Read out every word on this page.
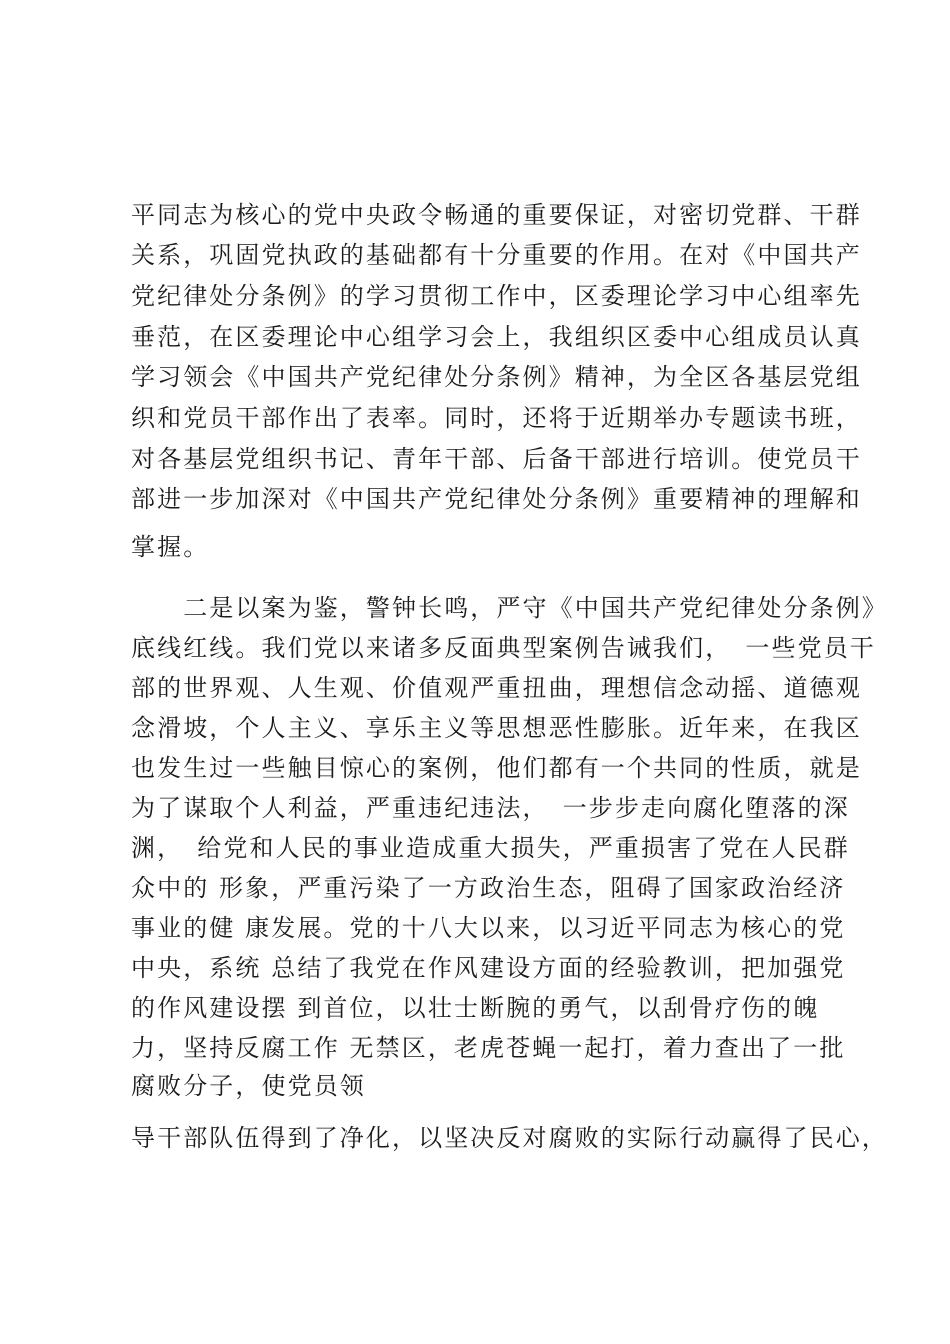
平同志为核心的党中央政令畅通的重要保证，对密切党群、干群

关系，巩固党执政的基础都有十分重要的作用。在对《中国共产

党纪律处分条例》的学习贯彻工作中，区委理论学习中心组率先

垂范，在区委理论中心组学习会上，我组织区委中心组成员认真

学习领会《中国共产党纪律处分条例》精神，为全区各基层党组

织和党员干部作出了表率。同时，还将于近期举办专题读书班，

对各基层党组织书记、青年干部、后备干部进行培训。使党员干

部进一步加深对《中国共产党纪律处分条例》重要精神的理解和

掌握。

　　二是以案为鉴，警钟长鸣，严守《中国共产党纪律处分条例》

底线红线。我们党以来诸多反面典型案例告诫我们，　一些党员干

部的世界观、人生观、价值观严重扭曲，理想信念动摇、道德观

念滑坡，个人主义、享乐主义等思想恶性膨胀。近年来，在我区

也发生过一些触目惊心的案例，他们都有一个共同的性质，就是

为了谋取个人利益，严重违纪违法，　一步步走向腐化堕落的深

渊，　给党和人民的事业造成重大损失，严重损害了党在人民群

众中的 形象，严重污染了一方政治生态，阻碍了国家政治经济

事业的健 康发展。党的十八大以来，以习近平同志为核心的党

中央，系统 总结了我党在作风建设方面的经验教训，把加强党

的作风建设摆 到首位，以壮士断腕的勇气，以刮骨疗伤的魄

力，坚持反腐工作 无禁区，老虎苍蝇一起打，着力查出了一批

腐败分子，使党员领

导干部队伍得到了净化，以坚决反对腐败的实际行动赢得了民心，
